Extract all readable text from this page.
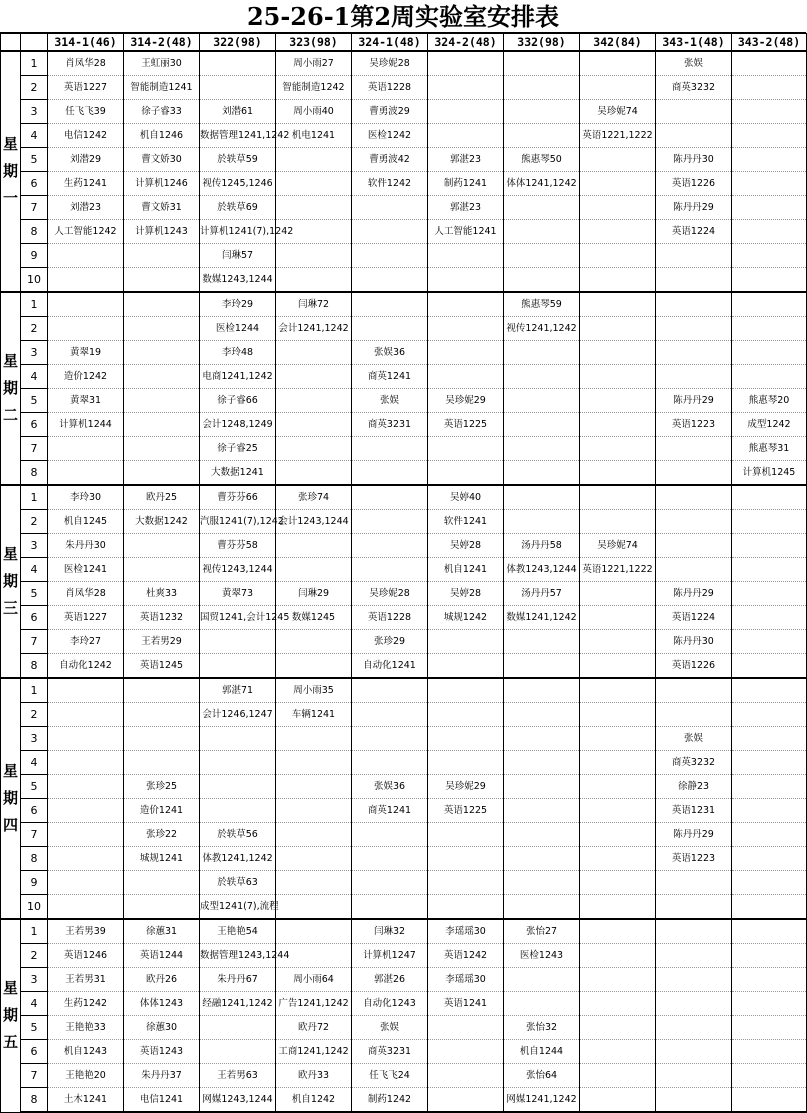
25-26-1第2周实验室安排表
		314-1(46)	314-2(48)	322(98)	323(98)	324-1(48)	324-2(48)	332(98)	342(84)	343-1(48)	343-2(48)
星期一	1	肖凤华28	王虹丽30		周小雨27	吴珍妮28				张娱	
	2	英语1227	智能制造1241		智能制造1242	英语1228				商英3232	
	3	任飞飞39	徐子睿33	刘潜61	周小雨40	曹勇波29			吴珍妮74		
	4	电信1242	机自1246	数据管理1241,1242	机电1241	医检1242			英语1221,1222		
	5	刘潜29	曹文娇30	於轶草59		曹勇波42	郭湛23	熊惠琴50		陈丹丹30	
	6	生药1241	计算机1246	视传1245,1246		软件1242	制药1241	体体1241,1242		英语1226	
	7	刘潜23	曹文娇31	於轶草69			郭湛23			陈丹丹29	
	8	人工智能1242	计算机1243	计算机1241(7),1242			人工智能1241			英语1224	
	9			闫琳57							
	10			数媒1243,1244							
星期二	1			李玲29	闫琳72			熊惠琴59			
	2			医检1244	会计1241,1242			视传1241,1242			
	3	黄翠19		李玲48		张娱36					
	4	造价1242		电商1241,1242		商英1241					
	5	黄翠31		徐子睿66		张娱	吴珍妮29			陈丹丹29	熊惠琴20
	6	计算机1244		会计1248,1249		商英3231	英语1225			英语1223	成型1242
	7			徐子睿25							熊惠琴31
	8			大数据1241							计算机1245
星期三	1	李玲30	欧丹25	曹芬芬66	张珍74		吴婷40				
	2	机自1245	大数据1242	汽服1241(7),1242	会计1243,1244		软件1241				
	3	朱丹丹30		曹芬芬58			吴婷28	汤丹丹58	吴珍妮74		
	4	医检1241		视传1243,1244			机自1241	体教1243,1244	英语1221,1222		
	5	肖凤华28	杜爽33	黄翠73	闫琳29	吴珍妮28	吴婷28	汤丹丹57		陈丹丹29	
	6	英语1227	英语1232	国贸1241,会计1245	数媒1245	英语1228	城规1242	数媒1241,1242		英语1224	
	7	李玲27	王若男29			张珍29				陈丹丹30	
	8	自动化1242	英语1245			自动化1241				英语1226	
星期四	1			郭湛71	周小雨35						
	2			会计1246,1247	车辆1241						
	3									张娱	
	4									商英3232	
	5		张珍25			张娱36	吴珍妮29			徐静23	
	6		造价1241			商英1241	英语1225			英语1231	
	7		张珍22	於轶草56						陈丹丹29	
	8		城规1241	体教1241,1242						英语1223	
	9			於轶草63							
	10			成型1241(7),流程							
星期五	1	王若男39	徐蕙31	王艳艳54		闫琳32	李瑶瑶30	张怡27			
	2	英语1246	英语1244	数据管理1243,1244		计算机1247	英语1242	医检1243			
	3	王若男31	欧丹26	朱丹丹67	周小雨64	郭湛26	李瑶瑶30				
	4	生药1242	体体1243	经融1241,1242	广告1241,1242	自动化1243	英语1241				
	5	王艳艳33	徐蕙30		欧丹72	张娱		张怡32			
	6	机自1243	英语1243		工商1241,1242	商英3231		机自1244			
	7	王艳艳20	朱丹丹37	王若男63	欧丹33	任飞飞24		张怡64			
	8	土木1241	电信1241	网媒1243,1244	机自1242	制药1242		网媒1241,1242			
